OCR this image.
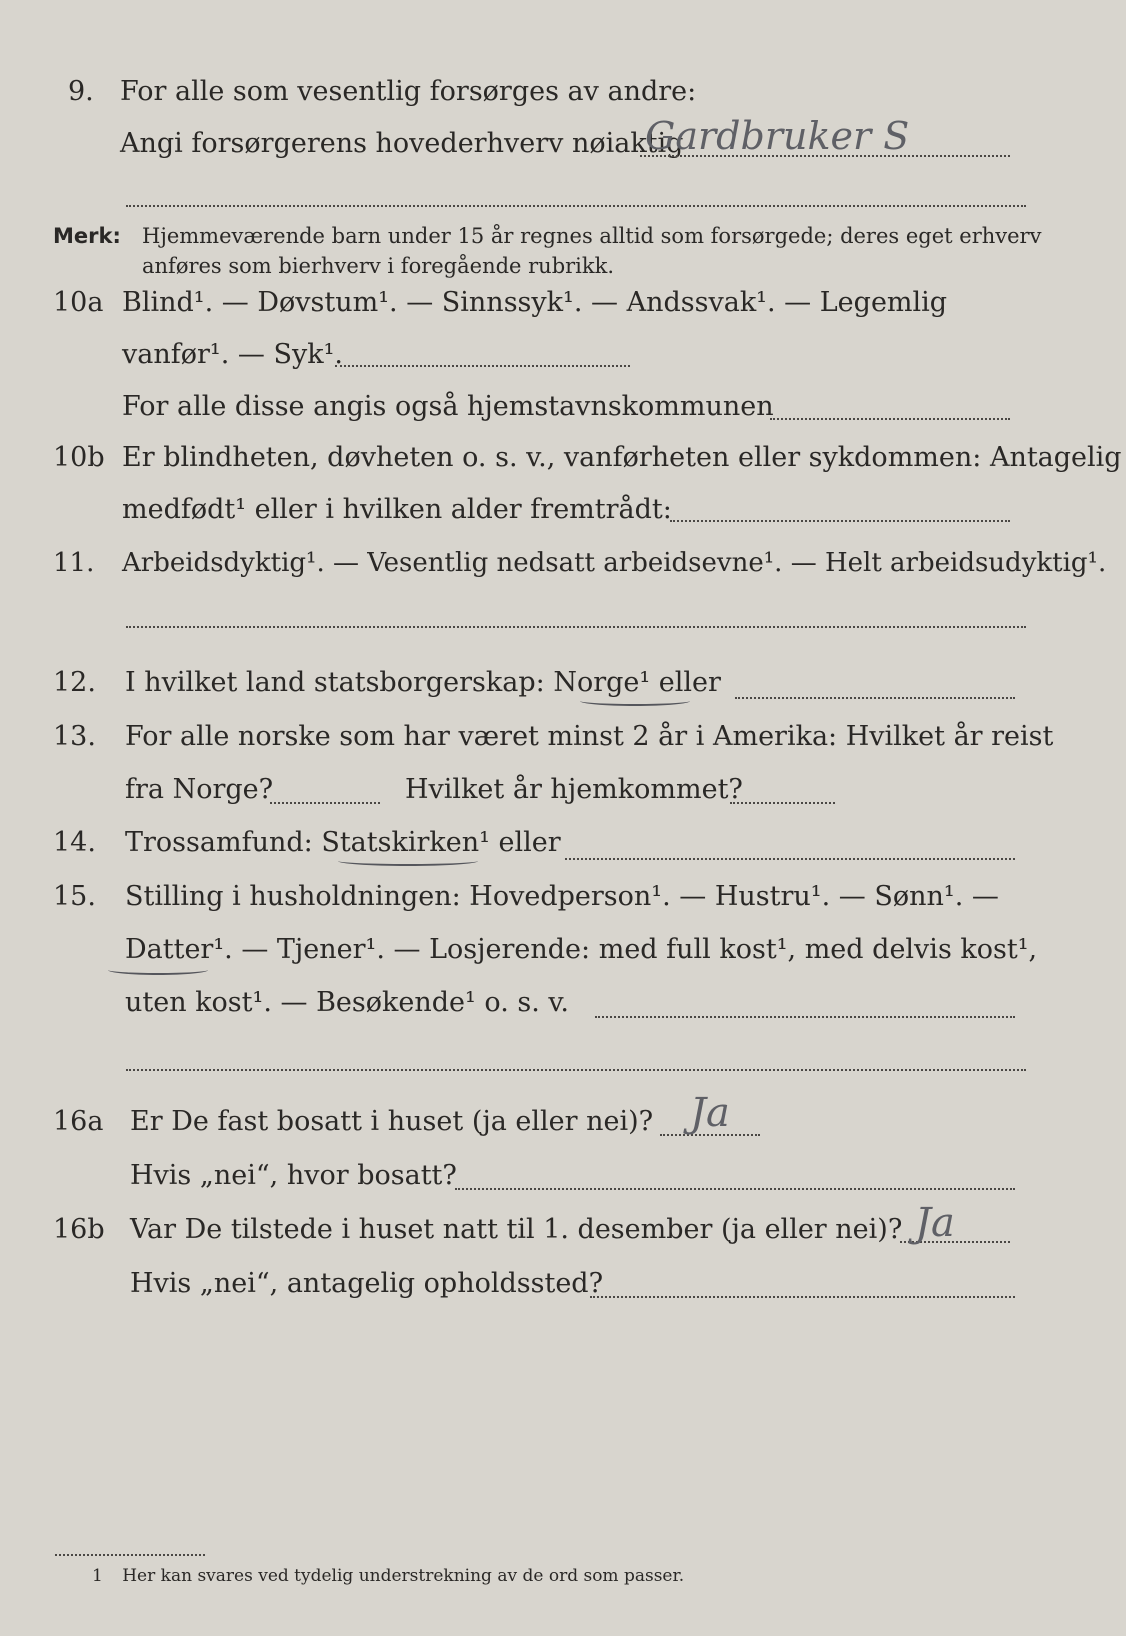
9. For alle som vesentlig forsørges av andre:
Angi forsørgerens hovederhverv nøiaktig
Gardbruker S
Merk: Hjemmeværende barn under 15 år regnes alltid som forsørgede; deres eget erhverv
anføres som bierhverv i foregående rubrikk.
10a Blind¹. — Døvstum¹. — Sinnssyk¹. — Andssvak¹. — Legemlig
vanfør¹. — Syk¹.
For alle disse angis også hjemstavnskommunen
10b Er blindheten, døvheten o. s. v., vanførheten eller sykdommen: Antagelig
medfødt¹ eller i hvilken alder fremtrådt:
11. Arbeidsdyktig¹. — Vesentlig nedsatt arbeidsevne¹. — Helt arbeidsudyktig¹.
12. I hvilket land statsborgerskap: Norge¹ eller
13. For alle norske som har været minst 2 år i Amerika: Hvilket år reist
fra Norge?	Hvilket år hjemkommet?
14. Trossamfund: Statskirken¹ eller
15. Stilling i husholdningen: Hovedperson¹. — Hustru¹. — Sønn¹. —
Datter¹. — Tjener¹. — Losjerende: med full kost¹, med delvis kost¹,
uten kost¹. — Besøkende¹ o. s. v.
16a Er De fast bosatt i huset (ja eller nei)? Ja
Hvis „nei“, hvor bosatt?
16b Var De tilstede i huset natt til 1. desember (ja eller nei)? Ja
Hvis „nei“, antagelig opholdssted?
1 Her kan svares ved tydelig understrekning av de ord som passer.
